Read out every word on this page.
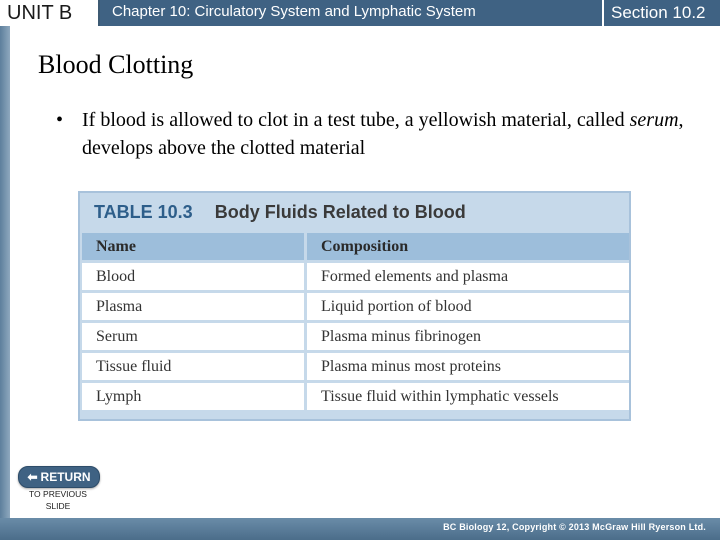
UNIT B	Chapter 10: Circulatory System and Lymphatic System	Section 10.2
Blood Clotting
• If blood is allowed to clot in a test tube, a yellowish material, called serum, develops above the clotted material
TABLE 10.3 Body Fluids Related to Blood
Name	Composition
Blood	Formed elements and plasma
Plasma	Liquid portion of blood
Serum	Plasma minus fibrinogen
Tissue fluid	Plasma minus most proteins
Lymph	Tissue fluid within lymphatic vessels
⬅ RETURN
TO PREVIOUS
SLIDE
BC Biology 12, Copyright © 2013 McGraw Hill Ryerson Ltd.
